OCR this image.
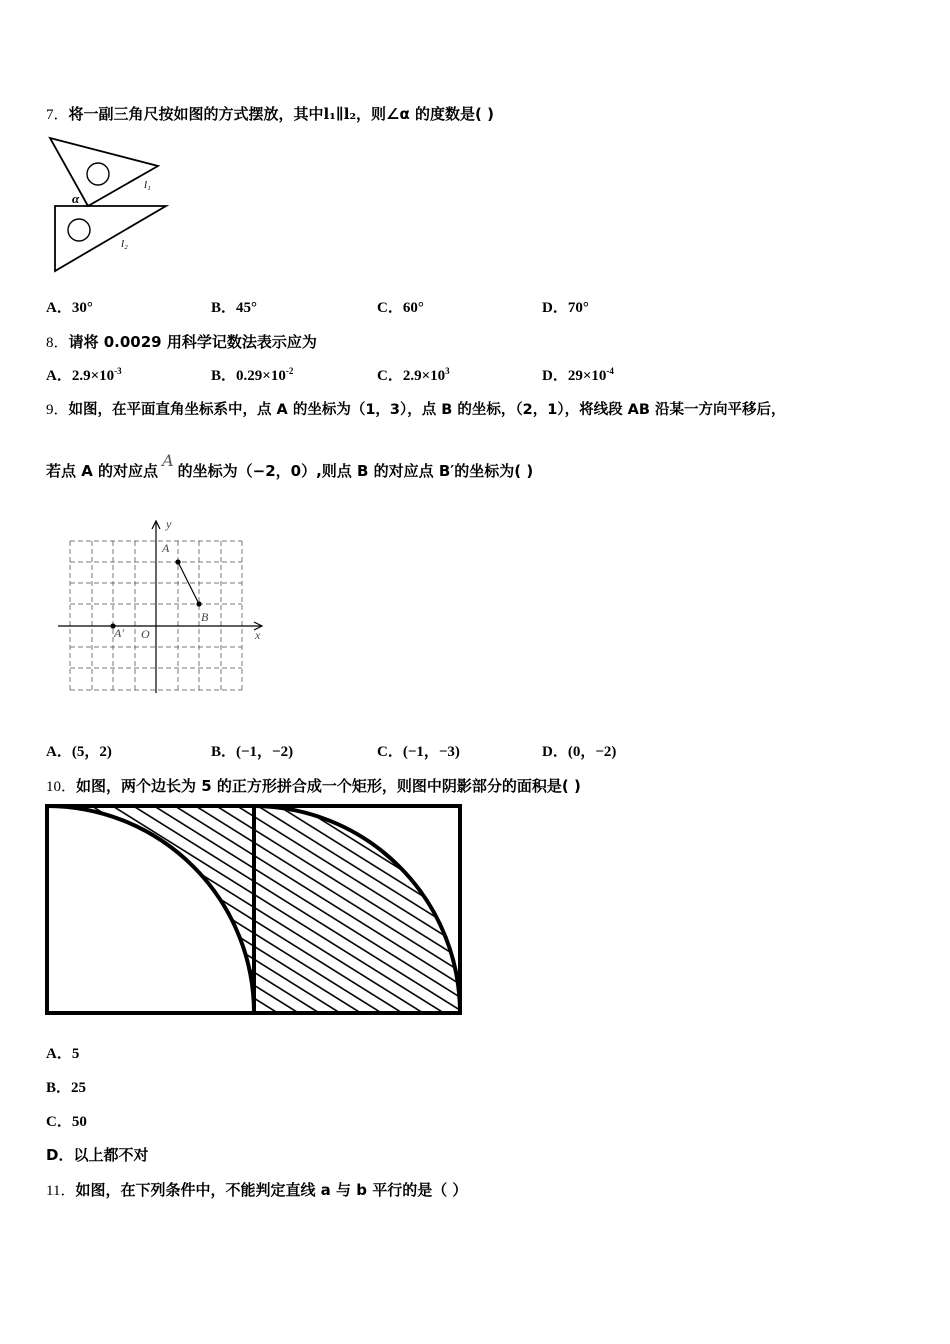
7．将一副三角尺按如图的方式摆放，其中l₁∥l₂，则∠α 的度数是( )
α
l₁
l₂
A．30°	B．45°	C．60°	D．70°
8．请将 0.0029 用科学记数法表示应为
A．$2.9\times 10^{-3}$	B．$0.29\times 10^{-2}$	C．$2.9\times 10^3$	D．$29\times 10^{-4}$
9．如图，在平面直角坐标系中，点 A 的坐标为（1，3），点 B 的坐标，（2，1），将线段 AB 沿某一方向平移后，
若点 A 的对应点A的坐标为（−2，0）,则点 B 的对应点 B′的坐标为( )
y
x
A
B
A′ O
A．(5，2)	B．(−1，−2)	C．(−1，−3)	D．(0，−2)
10．如图，两个边长为 5 的正方形拼合成一个矩形，则图中阴影部分的面积是( )
A．5
B．25
C．50
D．以上都不对
11．如图，在下列条件中，不能判定直线 a 与 b 平行的是（ ）
